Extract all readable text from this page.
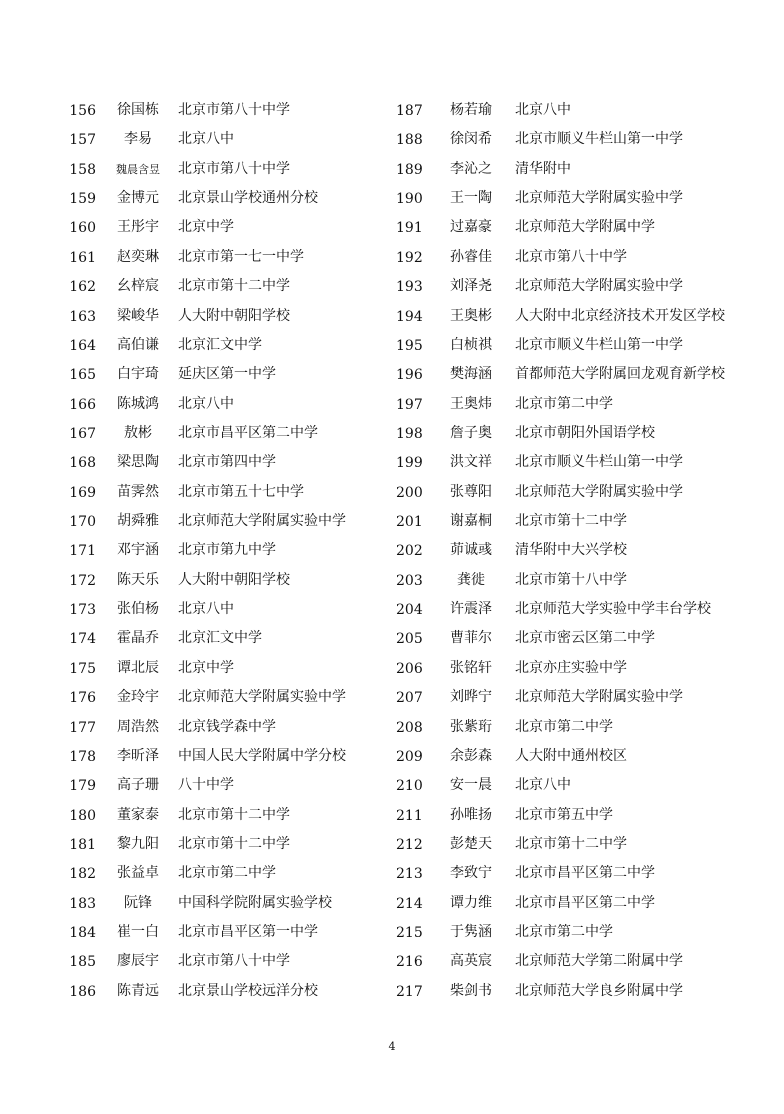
156	徐国栋	北京市第八十中学
157	李易	北京八中
158	魏晨含昱	北京市第八十中学
159	金博元	北京景山学校通州分校
160	王彤宇	北京中学
161	赵奕琳	北京市第一七一中学
162	幺梓宸	北京市第十二中学
163	梁峻华	人大附中朝阳学校
164	高伯谦	北京汇文中学
165	白宇琦	延庆区第一中学
166	陈城鸿	北京八中
167	敖彬	北京市昌平区第二中学
168	梁思陶	北京市第四中学
169	苗霁然	北京市第五十七中学
170	胡舜雅	北京师范大学附属实验中学
171	邓宇涵	北京市第九中学
172	陈天乐	人大附中朝阳学校
173	张伯杨	北京八中
174	霍晶乔	北京汇文中学
175	谭北辰	北京中学
176	金玲宇	北京师范大学附属实验中学
177	周浩然	北京钱学森中学
178	李昕泽	中国人民大学附属中学分校
179	高子珊	八十中学
180	董家泰	北京市第十二中学
181	黎九阳	北京市第十二中学
182	张益卓	北京市第二中学
183	阮锋	中国科学院附属实验学校
184	崔一白	北京市昌平区第一中学
185	廖辰宇	北京市第八十中学
186	陈青远	北京景山学校远洋分校
187	杨若瑜	北京八中
188	徐闵希	北京市顺义牛栏山第一中学
189	李沁之	清华附中
190	王一陶	北京师范大学附属实验中学
191	过嘉豪	北京师范大学附属中学
192	孙睿佳	北京市第八十中学
193	刘泽尧	北京师范大学附属实验中学
194	王奥彬	人大附中北京经济技术开发区学校
195	白桢祺	北京市顺义牛栏山第一中学
196	樊海涵	首都师范大学附属回龙观育新学校
197	王奥炜	北京市第二中学
198	詹子奥	北京市朝阳外国语学校
199	洪文祥	北京市顺义牛栏山第一中学
200	张尊阳	北京师范大学附属实验中学
201	谢嘉桐	北京市第十二中学
202	茆诚彧	清华附中大兴学校
203	龚徙	北京市第十八中学
204	许震泽	北京师范大学实验中学丰台学校
205	曹菲尔	北京市密云区第二中学
206	张铭轩	北京亦庄实验中学
207	刘晔宁	北京师范大学附属实验中学
208	张紫珩	北京市第二中学
209	余彭森	人大附中通州校区
210	安一晨	北京八中
211	孙唯扬	北京市第五中学
212	彭楚天	北京市第十二中学
213	李致宁	北京市昌平区第二中学
214	谭力维	北京市昌平区第二中学
215	于隽涵	北京市第二中学
216	高英宸	北京师范大学第二附属中学
217	柴剑书	北京师范大学良乡附属中学
4
